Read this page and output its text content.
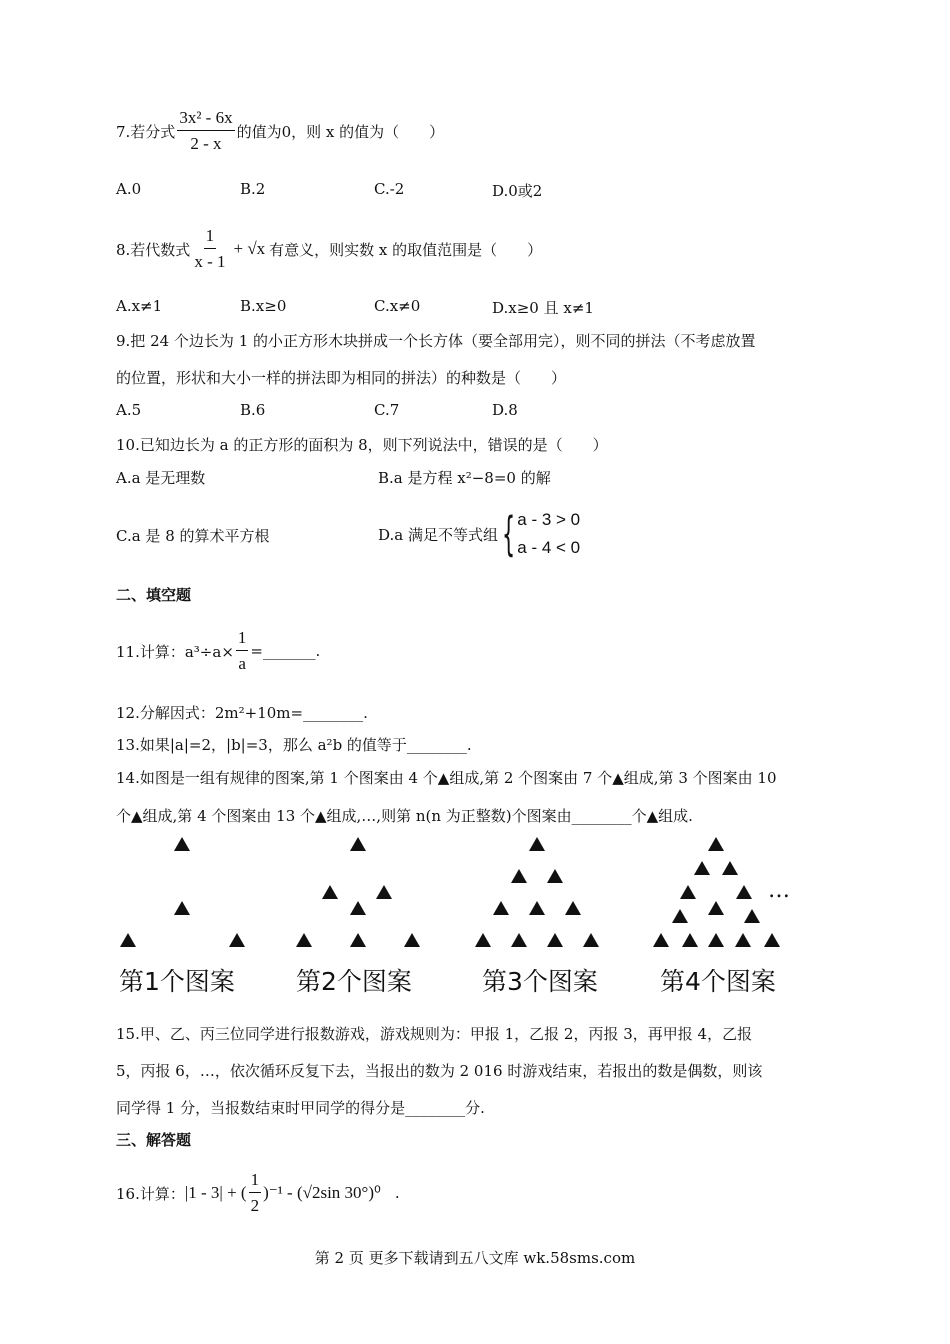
7.若分式 $\frac{\text{3x² - 6x}}{2 - x}$ 的值为0，则 x 的值为（　　）
A.0	B.2	C.-2	D.0或2
8.若代数式 $\frac{1}{x - 1} + √x$ 有意义，则实数 x 的取值范围是（　　）
A.x≠1	B.x≥0	C.x≠0	D.x≥0 且 x≠1
9.把 24 个边长为 1 的小正方形木块拼成一个长方体（要全部用完），则不同的拼法（不考虑放置
的位置，形状和大小一样的拼法即为相同的拼法）的种数是（　　）
A.5	B.6	C.7	D.8
10.已知边长为 a 的正方形的面积为 8，则下列说法中，错误的是（　　）
A.a 是无理数	B.a 是方程 x²−8=0 的解
C.a 是 8 的算术平方根	D.a 满足不等式组 { a - 3 > 0
a - 4 < 0
二、填空题
11.计算：$a^3\div a\times \frac{1}{a}$ =_______.
12.分解因式：2m²+10m=________.
13.如果|a|=2，|b|=3，那么 a²b 的值等于________.
14.如图是一组有规律的图案,第 1 个图案由 4 个▲组成,第 2 个图案由 7 个▲组成,第 3 个图案由 10
个▲组成,第 4 个图案由 13 个▲组成,…,则第 n(n 为正整数)个图案由________个▲组成.
…
第1个图案 第2个图案	第3个图案 第4个图案
15.甲、乙、丙三位同学进行报数游戏，游戏规则为：甲报 1，乙报 2，丙报 3，再甲报 4，乙报
5，丙报 6，…，依次循环反复下去，当报出的数为 2 016 时游戏结束，若报出的数是偶数，则该
同学得 1 分，当报数结束时甲同学的得分是________分.
三、解答题
16.计算： |1 - 3| + ( $\frac{1}{2} )^{-1} - (√2\sin$ 30°)⁰ .
第 2 页 更多下载请到五八文库 wk.58sms.com
